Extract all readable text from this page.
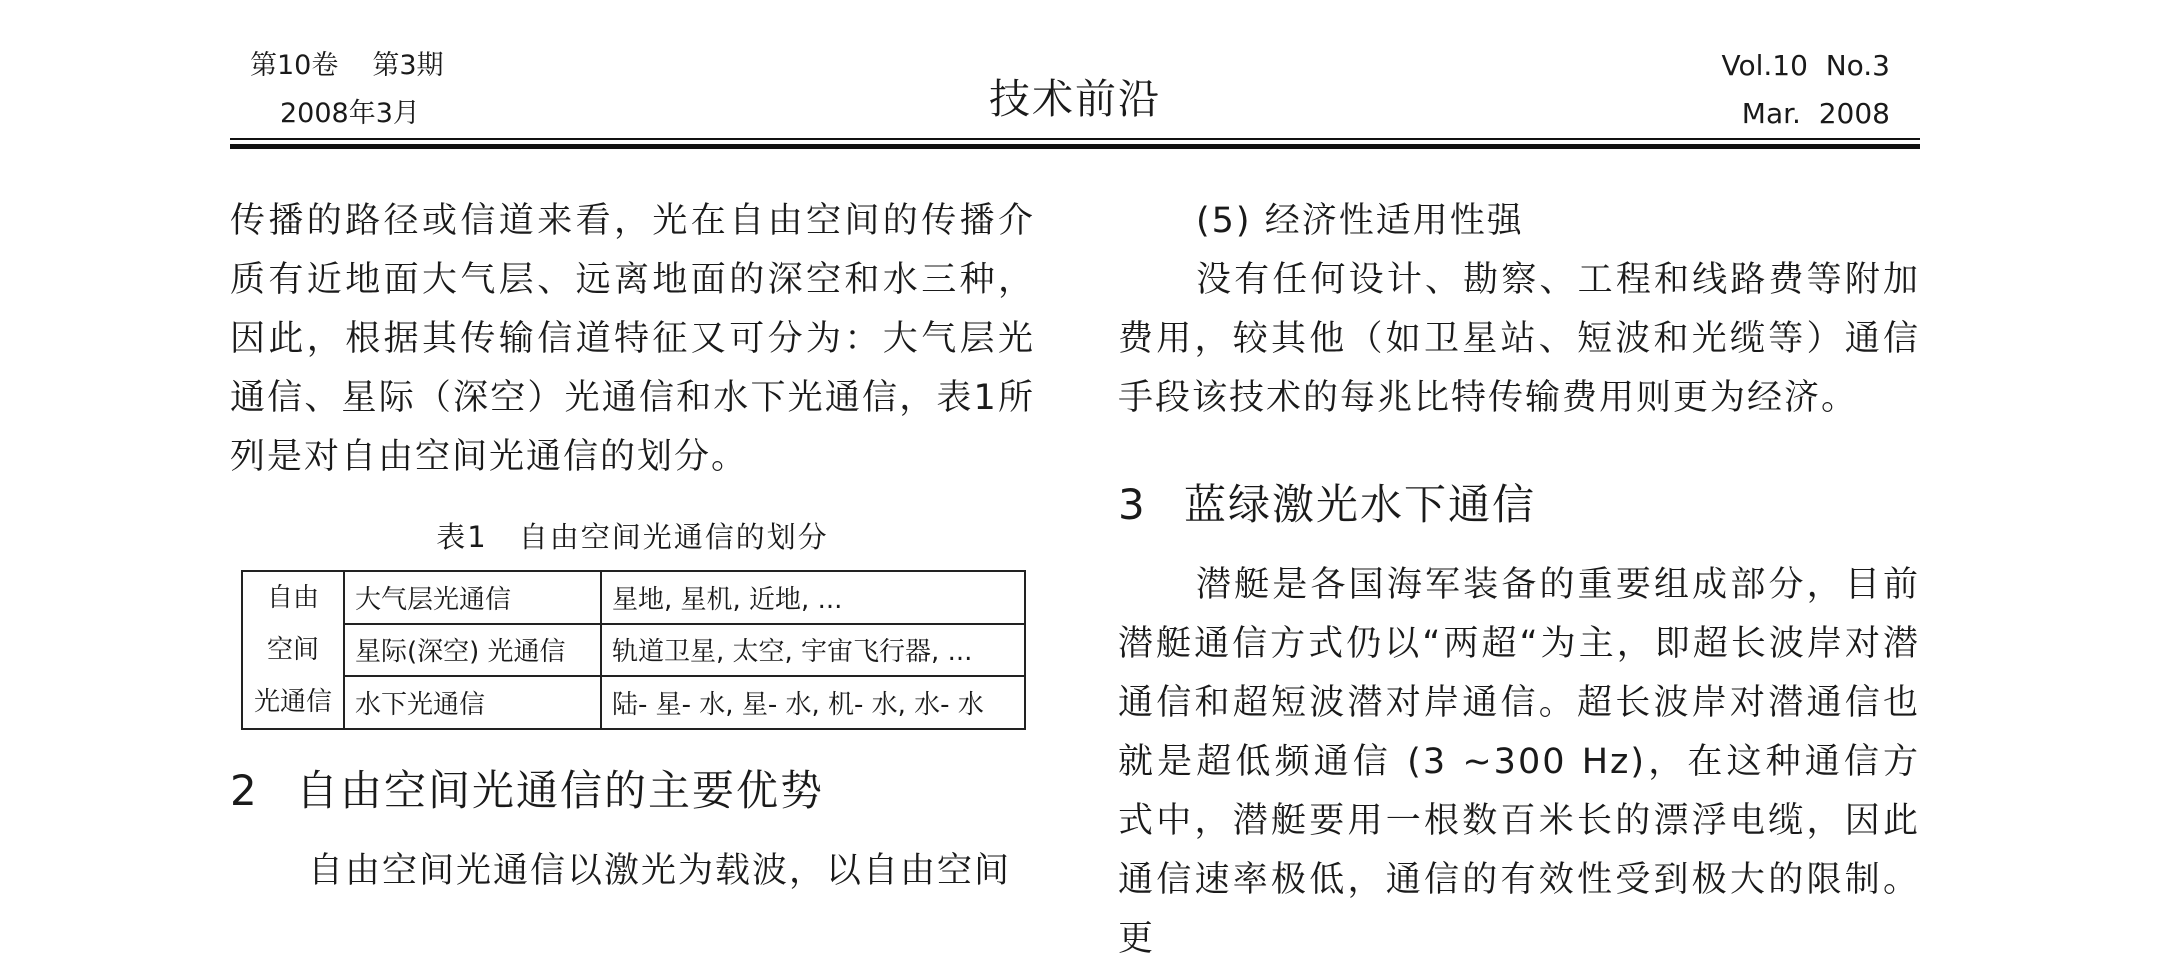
第10卷 第3期
2008年3月	技术前沿
Vol.10  No.3
Mar.  2008

传播的路径或信道来看，光在自由空间的传播介质有近地面大气层、远离地面的深空和水三种，因此，根据其传输信道特征又可分为：大气层光通信、星际（深空）光通信和水下光通信，表1所列是对自由空间光通信的划分。

表1　自由空间光通信的划分
自由
空间
光通信	大气层光通信	星地, 星机, 近地, ...
	星际(深空) 光通信	轨道卫星, 太空, 宇宙飞行器, ...
	水下光通信	陆- 星- 水, 星- 水, 机- 水, 水- 水
2 自由空间光通信的主要优势

自由空间光通信以激光为载波，以自由空间

(5) 经济性适用性强

没有任何设计、勘察、工程和线路费等附加费用，较其他（如卫星站、短波和光缆等）通信手段该技术的每兆比特传输费用则更为经济。

3 蓝绿激光水下通信

潜艇是各国海军装备的重要组成部分，目前潜艇通信方式仍以“两超“为主，即超长波岸对潜通信和超短波潜对岸通信。超长波岸对潜通信也就是超低频通信 (3 ~300 Hz)，在这种通信方式中，潜艇要用一根数百米长的漂浮电缆，因此通信速率极低，通信的有效性受到极大的限制。更
